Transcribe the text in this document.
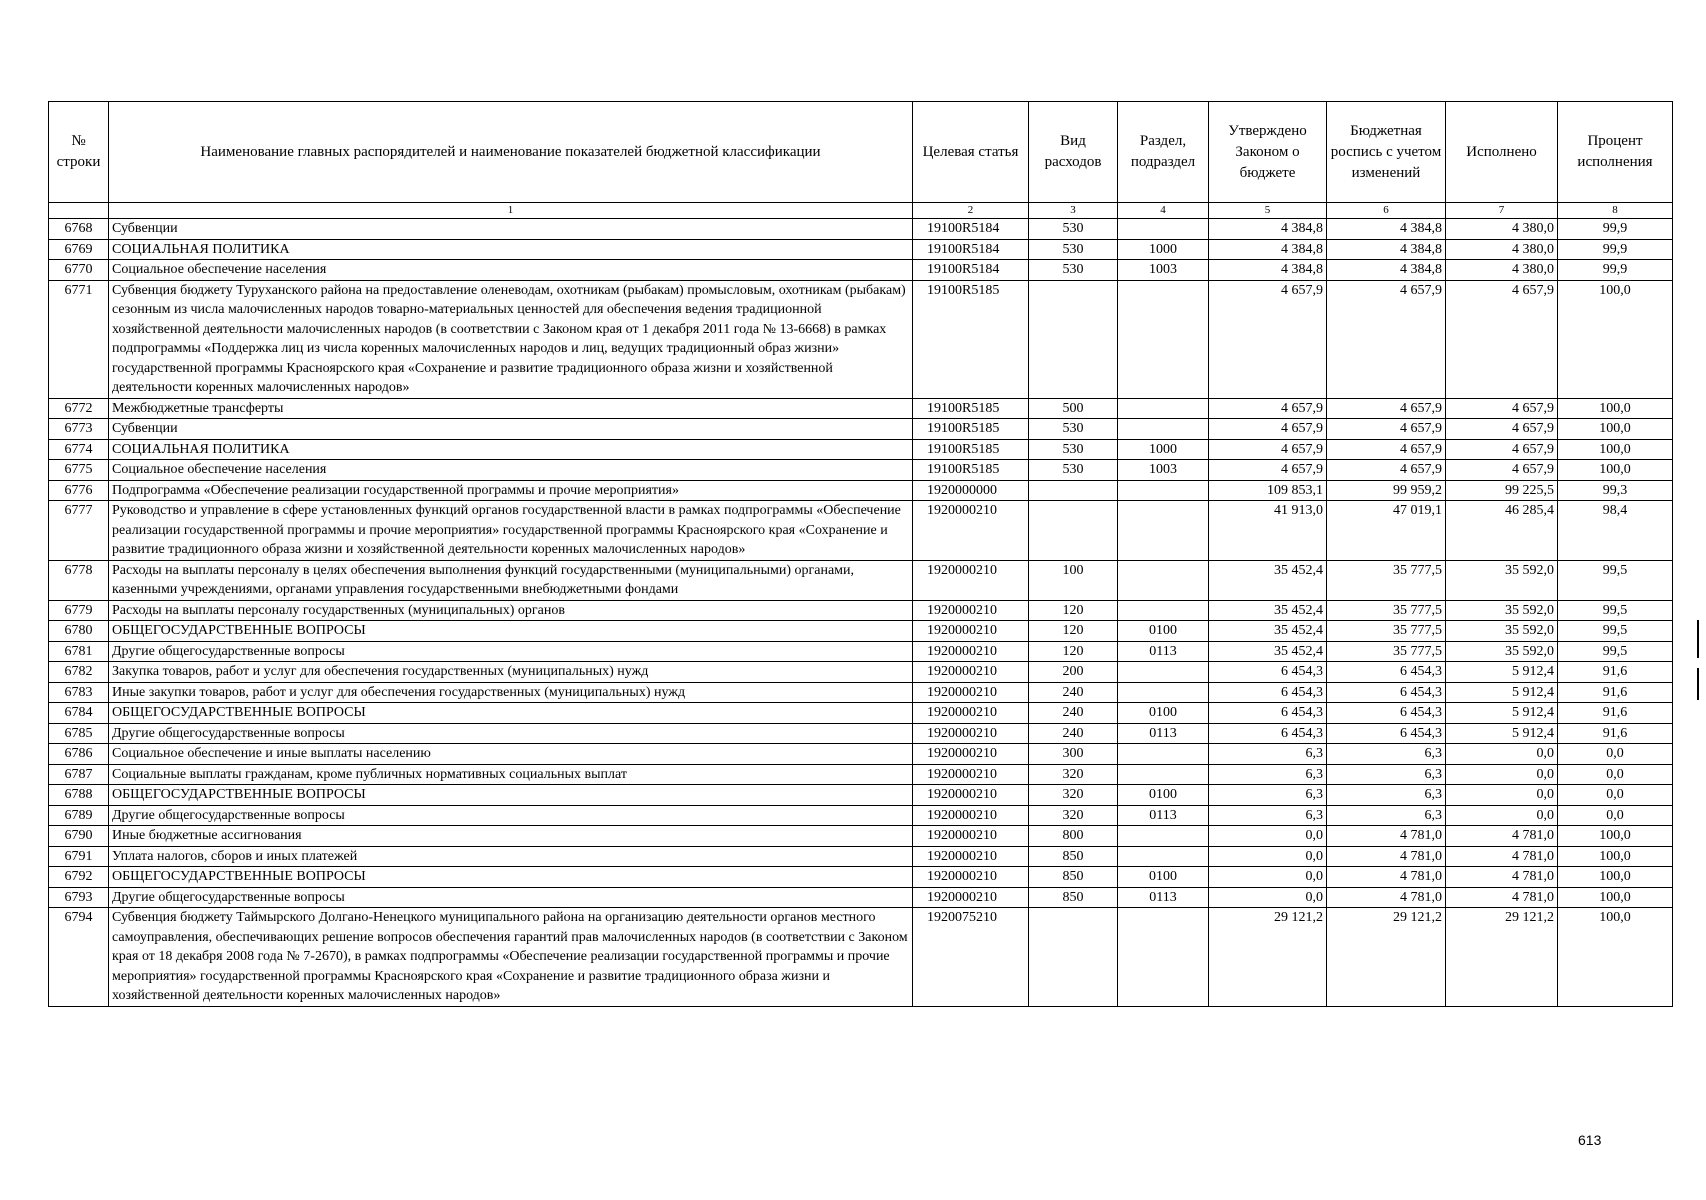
№ строки	Наименование главных распорядителей и наименование показателей бюджетной классификации	Целевая статья	Вид расходов	Раздел, подраздел	Утверждено Законом о бюджете	Бюджетная роспись с учетом изменений	Исполнено	Процент исполнения
	1	2	3	4	5	6	7	8
6768	Субвенции	19100R5184	530		4 384,8	4 384,8	4 380,0	99,9
6769	СОЦИАЛЬНАЯ ПОЛИТИКА	19100R5184	530	1000	4 384,8	4 384,8	4 380,0	99,9
6770	Социальное обеспечение населения	19100R5184	530	1003	4 384,8	4 384,8	4 380,0	99,9
6771	Субвенция бюджету Туруханского района на предоставление оленеводам, охотникам (рыбакам) промысловым, охотникам (рыбакам) сезонным из числа малочисленных народов товарно-материальных ценностей для обеспечения ведения традиционной хозяйственной деятельности малочисленных народов (в соответствии с Законом края от 1 декабря 2011 года № 13-6668) в рамках подпрограммы «Поддержка лиц из числа коренных малочисленных народов и лиц, ведущих традиционный образ жизни» государственной программы Красноярского края «Сохранение и развитие традиционного образа жизни и хозяйственной деятельности коренных малочисленных народов»	19100R5185			4 657,9	4 657,9	4 657,9	100,0
6772	Межбюджетные трансферты	19100R5185	500		4 657,9	4 657,9	4 657,9	100,0
6773	Субвенции	19100R5185	530		4 657,9	4 657,9	4 657,9	100,0
6774	СОЦИАЛЬНАЯ ПОЛИТИКА	19100R5185	530	1000	4 657,9	4 657,9	4 657,9	100,0
6775	Социальное обеспечение населения	19100R5185	530	1003	4 657,9	4 657,9	4 657,9	100,0
6776	Подпрограмма «Обеспечение реализации государственной программы и прочие мероприятия»	1920000000			109 853,1	99 959,2	99 225,5	99,3
6777	Руководство и управление в сфере установленных функций органов государственной власти в рамках подпрограммы «Обеспечение реализации государственной программы и прочие мероприятия» государственной программы Красноярского края «Сохранение и развитие традиционного образа жизни и хозяйственной деятельности коренных малочисленных народов»	1920000210			41 913,0	47 019,1	46 285,4	98,4
6778	Расходы на выплаты персоналу в целях обеспечения выполнения функций государственными (муниципальными) органами, казенными учреждениями, органами управления государственными внебюджетными фондами	1920000210	100		35 452,4	35 777,5	35 592,0	99,5
6779	Расходы на выплаты персоналу государственных (муниципальных) органов	1920000210	120		35 452,4	35 777,5	35 592,0	99,5
6780	ОБЩЕГОСУДАРСТВЕННЫЕ ВОПРОСЫ	1920000210	120	0100	35 452,4	35 777,5	35 592,0	99,5
6781	Другие общегосударственные вопросы	1920000210	120	0113	35 452,4	35 777,5	35 592,0	99,5
6782	Закупка товаров, работ и услуг для обеспечения государственных (муниципальных) нужд	1920000210	200		6 454,3	6 454,3	5 912,4	91,6
6783	Иные закупки товаров, работ и услуг для обеспечения государственных (муниципальных) нужд	1920000210	240		6 454,3	6 454,3	5 912,4	91,6
6784	ОБЩЕГОСУДАРСТВЕННЫЕ ВОПРОСЫ	1920000210	240	0100	6 454,3	6 454,3	5 912,4	91,6
6785	Другие общегосударственные вопросы	1920000210	240	0113	6 454,3	6 454,3	5 912,4	91,6
6786	Социальное обеспечение и иные выплаты населению	1920000210	300		6,3	6,3	0,0	0,0
6787	Социальные выплаты гражданам, кроме публичных нормативных социальных выплат	1920000210	320		6,3	6,3	0,0	0,0
6788	ОБЩЕГОСУДАРСТВЕННЫЕ ВОПРОСЫ	1920000210	320	0100	6,3	6,3	0,0	0,0
6789	Другие общегосударственные вопросы	1920000210	320	0113	6,3	6,3	0,0	0,0
6790	Иные бюджетные ассигнования	1920000210	800		0,0	4 781,0	4 781,0	100,0
6791	Уплата налогов, сборов и иных платежей	1920000210	850		0,0	4 781,0	4 781,0	100,0
6792	ОБЩЕГОСУДАРСТВЕННЫЕ ВОПРОСЫ	1920000210	850	0100	0,0	4 781,0	4 781,0	100,0
6793	Другие общегосударственные вопросы	1920000210	850	0113	0,0	4 781,0	4 781,0	100,0
6794	Субвенция бюджету Таймырского Долгано-Ненецкого муниципального района на организацию деятельности органов местного самоуправления, обеспечивающих решение вопросов обеспечения гарантий прав малочисленных народов (в соответствии с Законом края от 18 декабря 2008 года № 7-2670), в рамках подпрограммы «Обеспечение реализации государственной программы и прочие мероприятия» государственной программы Красноярского края «Сохранение и развитие традиционного образа жизни и хозяйственной деятельности коренных малочисленных народов»	1920075210			29 121,2	29 121,2	29 121,2	100,0
613
